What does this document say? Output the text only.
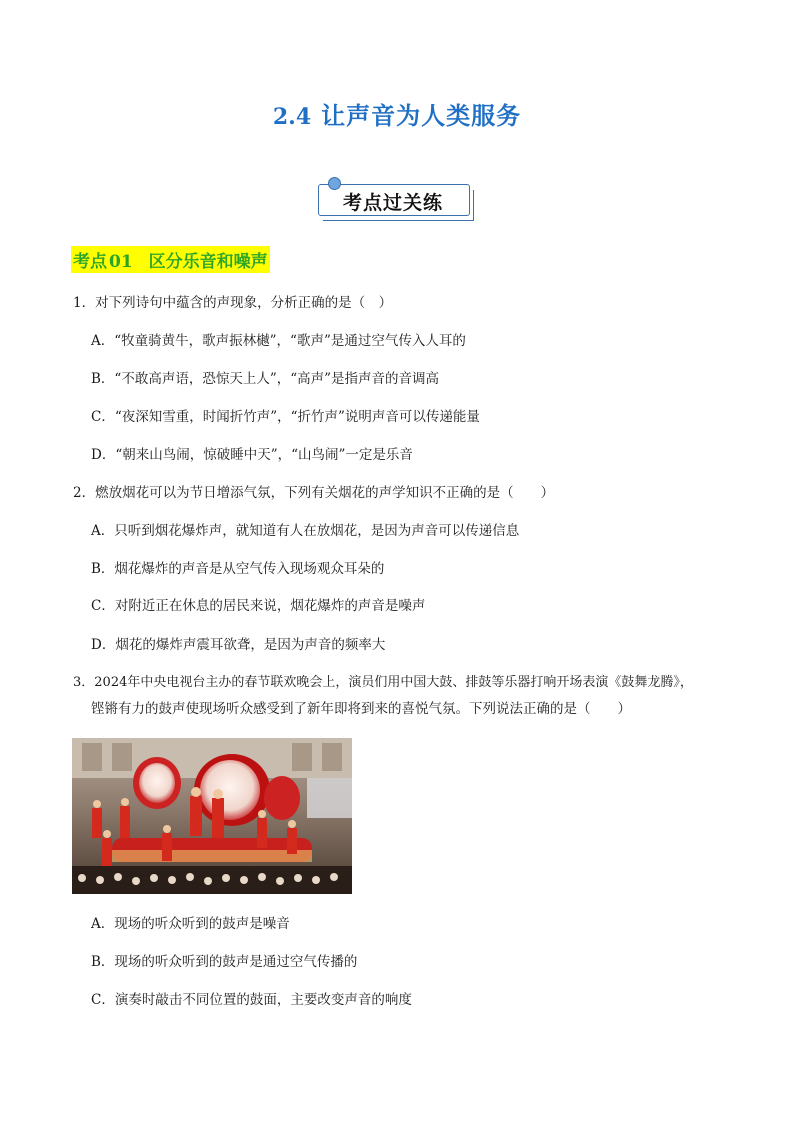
2.4 让声音为人类服务
考点过关练
考点 01 区分乐音和噪声
1．对下列诗句中蕴含的声现象，分析正确的是（　）
A．“牧童骑黄牛，歌声振林樾”，“歌声”是通过空气传入人耳的
B．“不敢高声语，恐惊天上人”，“高声”是指声音的音调高
C．“夜深知雪重，时闻折竹声”，“折竹声”说明声音可以传递能量
D．“朝来山鸟闹，惊破睡中天”，“山鸟闹”一定是乐音
2．燃放烟花可以为节日增添气氛，下列有关烟花的声学知识不正确的是（　　）
A．只听到烟花爆炸声，就知道有人在放烟花，是因为声音可以传递信息
B．烟花爆炸的声音是从空气传入现场观众耳朵的
C．对附近正在休息的居民来说，烟花爆炸的声音是噪声
D．烟花的爆炸声震耳欲聋，是因为声音的频率大
3．2024年中央电视台主办的春节联欢晚会上，演员们用中国大鼓、排鼓等乐器打响开场表演《鼓舞龙腾》，
铿锵有力的鼓声使现场听众感受到了新年即将到来的喜悦气氛。下列说法正确的是（　　）
A．现场的听众听到的鼓声是噪音
B．现场的听众听到的鼓声是通过空气传播的
C．演奏时敲击不同位置的鼓面，主要改变声音的响度
